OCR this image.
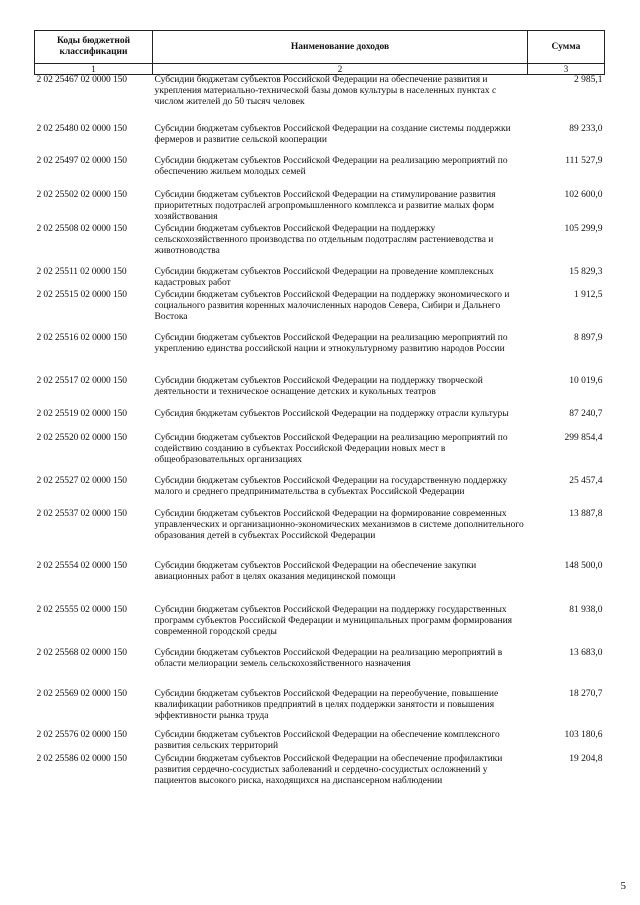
Коды бюджетной классификации	Наименование доходов	Сумма
1	2	3
2 02 25467 02 0000 150	Субсидии бюджетам субъектов Российской Федерации на обеспечение развития и укрепления материально-технической базы домов культуры в населенных пунктах с числом жителей до 50 тысяч человек	2 985,1
2 02 25480 02 0000 150	Субсидии бюджетам субъектов Российской Федерации на создание системы поддержки фермеров и развитие сельской кооперации	89 233,0
2 02 25497 02 0000 150	Субсидии бюджетам субъектов Российской Федерации на реализацию мероприятий по обеспечению жильем молодых семей	111 527,9
2 02 25502 02 0000 150	Субсидии бюджетам субъектов Российской Федерации на стимулирование развития приоритетных подотраслей агропромышленного комплекса и развитие малых форм хозяйствования	102 600,0
2 02 25508 02 0000 150	Субсидии бюджетам субъектов Российской Федерации на поддержку сельскохозяйственного производства по отдельным подотраслям растениеводства и животноводства	105 299,9
2 02 25511 02 0000 150	Субсидии бюджетам субъектов Российской Федерации на проведение комплексных кадастровых работ	15 829,3
2 02 25515 02 0000 150	Субсидии бюджетам субъектов Российской Федерации на поддержку экономического и социального развития коренных малочисленных народов Севера, Сибири и Дальнего Востока	1 912,5
2 02 25516 02 0000 150	Субсидии бюджетам субъектов Российской Федерации на реализацию мероприятий по укреплению единства российской нации и этнокультурному развитию народов России	8 897,9
2 02 25517 02 0000 150	Субсидии бюджетам субъектов Российской Федерации на поддержку творческой деятельности и техническое оснащение детских и кукольных театров	10 019,6
2 02 25519 02 0000 150	Субсидия бюджетам субъектов Российской Федерации на поддержку отрасли культуры	87 240,7
2 02 25520 02 0000 150	Субсидии бюджетам субъектов Российской Федерации на реализацию мероприятий по содействию созданию в субъектах Российской Федерации новых мест в общеобразовательных организациях	299 854,4
2 02 25527 02 0000 150	Субсидии бюджетам субъектов Российской Федерации на государственную поддержку малого и среднего предпринимательства в субъектах Российской Федерации	25 457,4
2 02 25537 02 0000 150	Субсидии бюджетам субъектов Российской Федерации на формирование современных управленческих и организационно-экономических механизмов в системе дополнительного образования детей в субъектах Российской Федерации	13 887,8
2 02 25554 02 0000 150	Субсидии бюджетам субъектов Российской Федерации на обеспечение закупки авиационных работ в целях оказания медицинской помощи	148 500,0
2 02 25555 02 0000 150	Субсидии бюджетам субъектов Российской Федерации на поддержку государственных программ субъектов Российской Федерации и муниципальных программ формирования современной городской среды	81 938,0
2 02 25568 02 0000 150	Субсидии бюджетам субъектов Российской Федерации на реализацию мероприятий в области мелиорации земель сельскохозяйственного назначения	13 683,0
2 02 25569 02 0000 150	Субсидии бюджетам субъектов Российской Федерации на переобучение, повышение квалификации работников предприятий в целях поддержки занятости и повышения эффективности рынка труда	18 270,7
2 02 25576 02 0000 150	Субсидии бюджетам субъектов Российской Федерации на обеспечение комплексного развития сельских территорий	103 180,6
2 02 25586 02 0000 150	Субсидии бюджетам субъектов Российской Федерации на обеспечение профилактики развития сердечно-сосудистых заболеваний и сердечно-сосудистых осложнений у пациентов высокого риска, находящихся на диспансерном наблюдении	19 204,8
5
